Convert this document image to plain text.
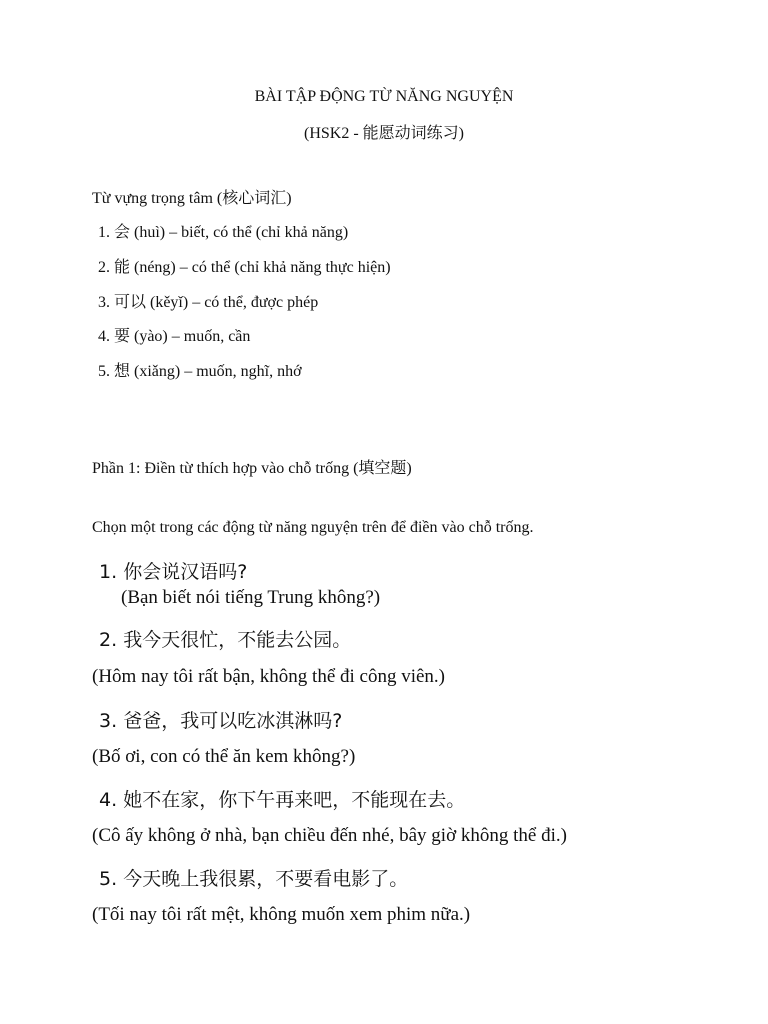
BÀI TẬP ĐỘNG TỪ NĂNG NGUYỆN
(HSK2 - 能愿动词练习)
Từ vựng trọng tâm (核心词汇)
1. 会 (huì) – biết, có thể (chỉ khả năng)
2. 能 (néng) – có thể (chỉ khả năng thực hiện)
3. 可以 (kěyǐ) – có thể, được phép
4. 要 (yào) – muốn, cần
5. 想 (xiǎng) – muốn, nghĩ, nhớ
Phần 1: Điền từ thích hợp vào chỗ trống (填空题)
Chọn một trong các động từ năng nguyện trên để điền vào chỗ trống.
1. 你会说汉语吗?
(Bạn biết nói tiếng Trung không?)
2. 我今天很忙，不能去公园。
(Hôm nay tôi rất bận, không thể đi công viên.)
3. 爸爸，我可以吃冰淇淋吗?
(Bố ơi, con có thể ăn kem không?)
4. 她不在家，你下午再来吧，不能现在去。
(Cô ấy không ở nhà, bạn chiều đến nhé, bây giờ không thể đi.)
5. 今天晚上我很累，不要看电影了。
(Tối nay tôi rất mệt, không muốn xem phim nữa.)
